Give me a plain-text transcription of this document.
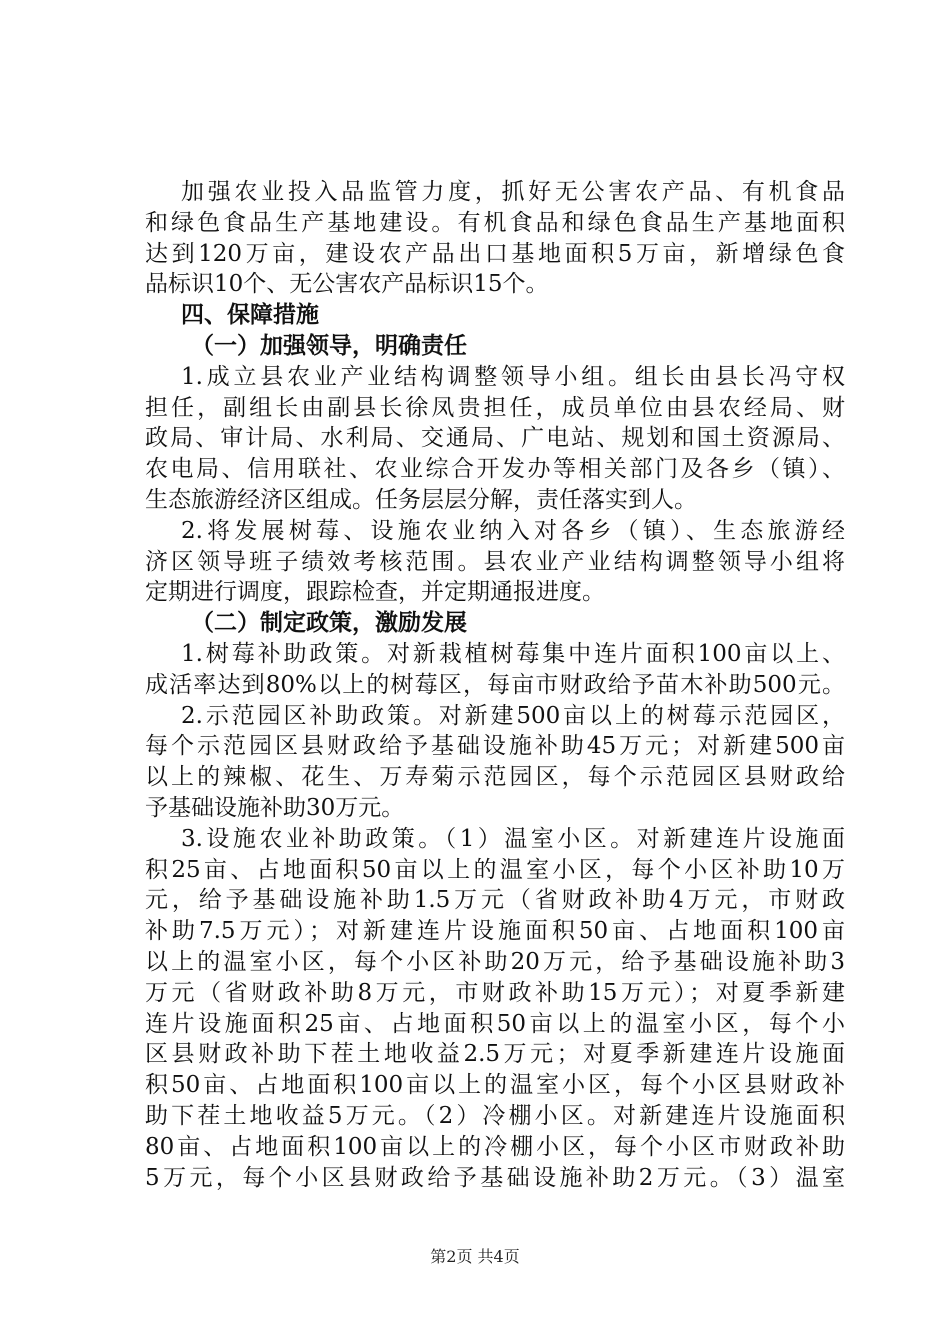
加强农业投入品监管力度，抓好无公害农产品、有机食品
和绿色食品生产基地建设。有机食品和绿色食品生产基地面积
达到120万亩，建设农产品出口基地面积5万亩，新增绿色食
品标识10个、无公害农产品标识15个。
四、保障措施
（一）加强领导，明确责任
1.成立县农业产业结构调整领导小组。组长由县长冯守权
担任，副组长由副县长徐凤贵担任，成员单位由县农经局、财
政局、审计局、水利局、交通局、广电站、规划和国土资源局、
农电局、信用联社、农业综合开发办等相关部门及各乡（镇）、
生态旅游经济区组成。任务层层分解，责任落实到人。
2.将发展树莓、设施农业纳入对各乡（镇）、生态旅游经
济区领导班子绩效考核范围。县农业产业结构调整领导小组将
定期进行调度，跟踪检查，并定期通报进度。
（二）制定政策，激励发展
1.树莓补助政策。对新栽植树莓集中连片面积100亩以上、
成活率达到80%以上的树莓区，每亩市财政给予苗木补助500元。
2.示范园区补助政策。对新建500亩以上的树莓示范园区，
每个示范园区县财政给予基础设施补助45万元；对新建500亩
以上的辣椒、花生、万寿菊示范园区，每个示范园区县财政给
予基础设施补助30万元。
3.设施农业补助政策。（1）温室小区。对新建连片设施面
积25亩、占地面积50亩以上的温室小区，每个小区补助10万
元，给予基础设施补助1.5万元（省财政补助4万元，市财政
补助7.5万元）；对新建连片设施面积50亩、占地面积100亩
以上的温室小区，每个小区补助20万元，给予基础设施补助3
万元（省财政补助8万元，市财政补助15万元）；对夏季新建
连片设施面积25亩、占地面积50亩以上的温室小区，每个小
区县财政补助下茬土地收益2.5万元；对夏季新建连片设施面
积50亩、占地面积100亩以上的温室小区，每个小区县财政补
助下茬土地收益5万元。（2）冷棚小区。对新建连片设施面积
80亩、占地面积100亩以上的冷棚小区，每个小区市财政补助
5万元，每个小区县财政给予基础设施补助2万元。（3）温室
第2页 共4页
